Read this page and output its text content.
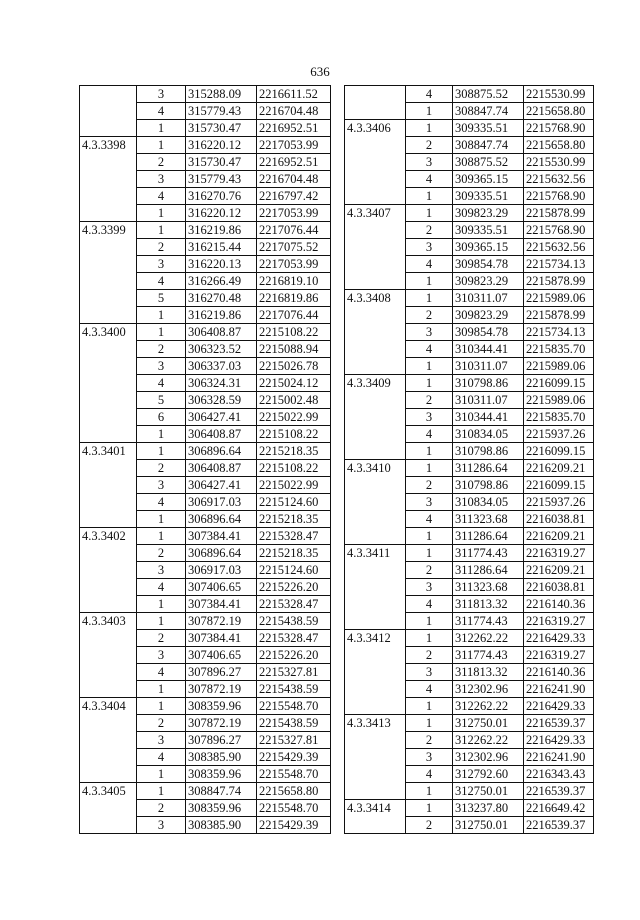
636
	3	315288.09	2216611.52
	4	315779.43	2216704.48
	1	315730.47	2216952.51
4.3.3398	1	316220.12	2217053.99
	2	315730.47	2216952.51
	3	315779.43	2216704.48
	4	316270.76	2216797.42
	1	316220.12	2217053.99
4.3.3399	1	316219.86	2217076.44
	2	316215.44	2217075.52
	3	316220.13	2217053.99
	4	316266.49	2216819.10
	5	316270.48	2216819.86
	1	316219.86	2217076.44
4.3.3400	1	306408.87	2215108.22
	2	306323.52	2215088.94
	3	306337.03	2215026.78
	4	306324.31	2215024.12
	5	306328.59	2215002.48
	6	306427.41	2215022.99
	1	306408.87	2215108.22
4.3.3401	1	306896.64	2215218.35
	2	306408.87	2215108.22
	3	306427.41	2215022.99
	4	306917.03	2215124.60
	1	306896.64	2215218.35
4.3.3402	1	307384.41	2215328.47
	2	306896.64	2215218.35
	3	306917.03	2215124.60
	4	307406.65	2215226.20
	1	307384.41	2215328.47
4.3.3403	1	307872.19	2215438.59
	2	307384.41	2215328.47
	3	307406.65	2215226.20
	4	307896.27	2215327.81
	1	307872.19	2215438.59
4.3.3404	1	308359.96	2215548.70
	2	307872.19	2215438.59
	3	307896.27	2215327.81
	4	308385.90	2215429.39
	1	308359.96	2215548.70
4.3.3405	1	308847.74	2215658.80
	2	308359.96	2215548.70
	3	308385.90	2215429.39
	4	308875.52	2215530.99
	1	308847.74	2215658.80
4.3.3406	1	309335.51	2215768.90
	2	308847.74	2215658.80
	3	308875.52	2215530.99
	4	309365.15	2215632.56
	1	309335.51	2215768.90
4.3.3407	1	309823.29	2215878.99
	2	309335.51	2215768.90
	3	309365.15	2215632.56
	4	309854.78	2215734.13
	1	309823.29	2215878.99
4.3.3408	1	310311.07	2215989.06
	2	309823.29	2215878.99
	3	309854.78	2215734.13
	4	310344.41	2215835.70
	1	310311.07	2215989.06
4.3.3409	1	310798.86	2216099.15
	2	310311.07	2215989.06
	3	310344.41	2215835.70
	4	310834.05	2215937.26
	1	310798.86	2216099.15
4.3.3410	1	311286.64	2216209.21
	2	310798.86	2216099.15
	3	310834.05	2215937.26
	4	311323.68	2216038.81
	1	311286.64	2216209.21
4.3.3411	1	311774.43	2216319.27
	2	311286.64	2216209.21
	3	311323.68	2216038.81
	4	311813.32	2216140.36
	1	311774.43	2216319.27
4.3.3412	1	312262.22	2216429.33
	2	311774.43	2216319.27
	3	311813.32	2216140.36
	4	312302.96	2216241.90
	1	312262.22	2216429.33
4.3.3413	1	312750.01	2216539.37
	2	312262.22	2216429.33
	3	312302.96	2216241.90
	4	312792.60	2216343.43
	1	312750.01	2216539.37
4.3.3414	1	313237.80	2216649.42
	2	312750.01	2216539.37
